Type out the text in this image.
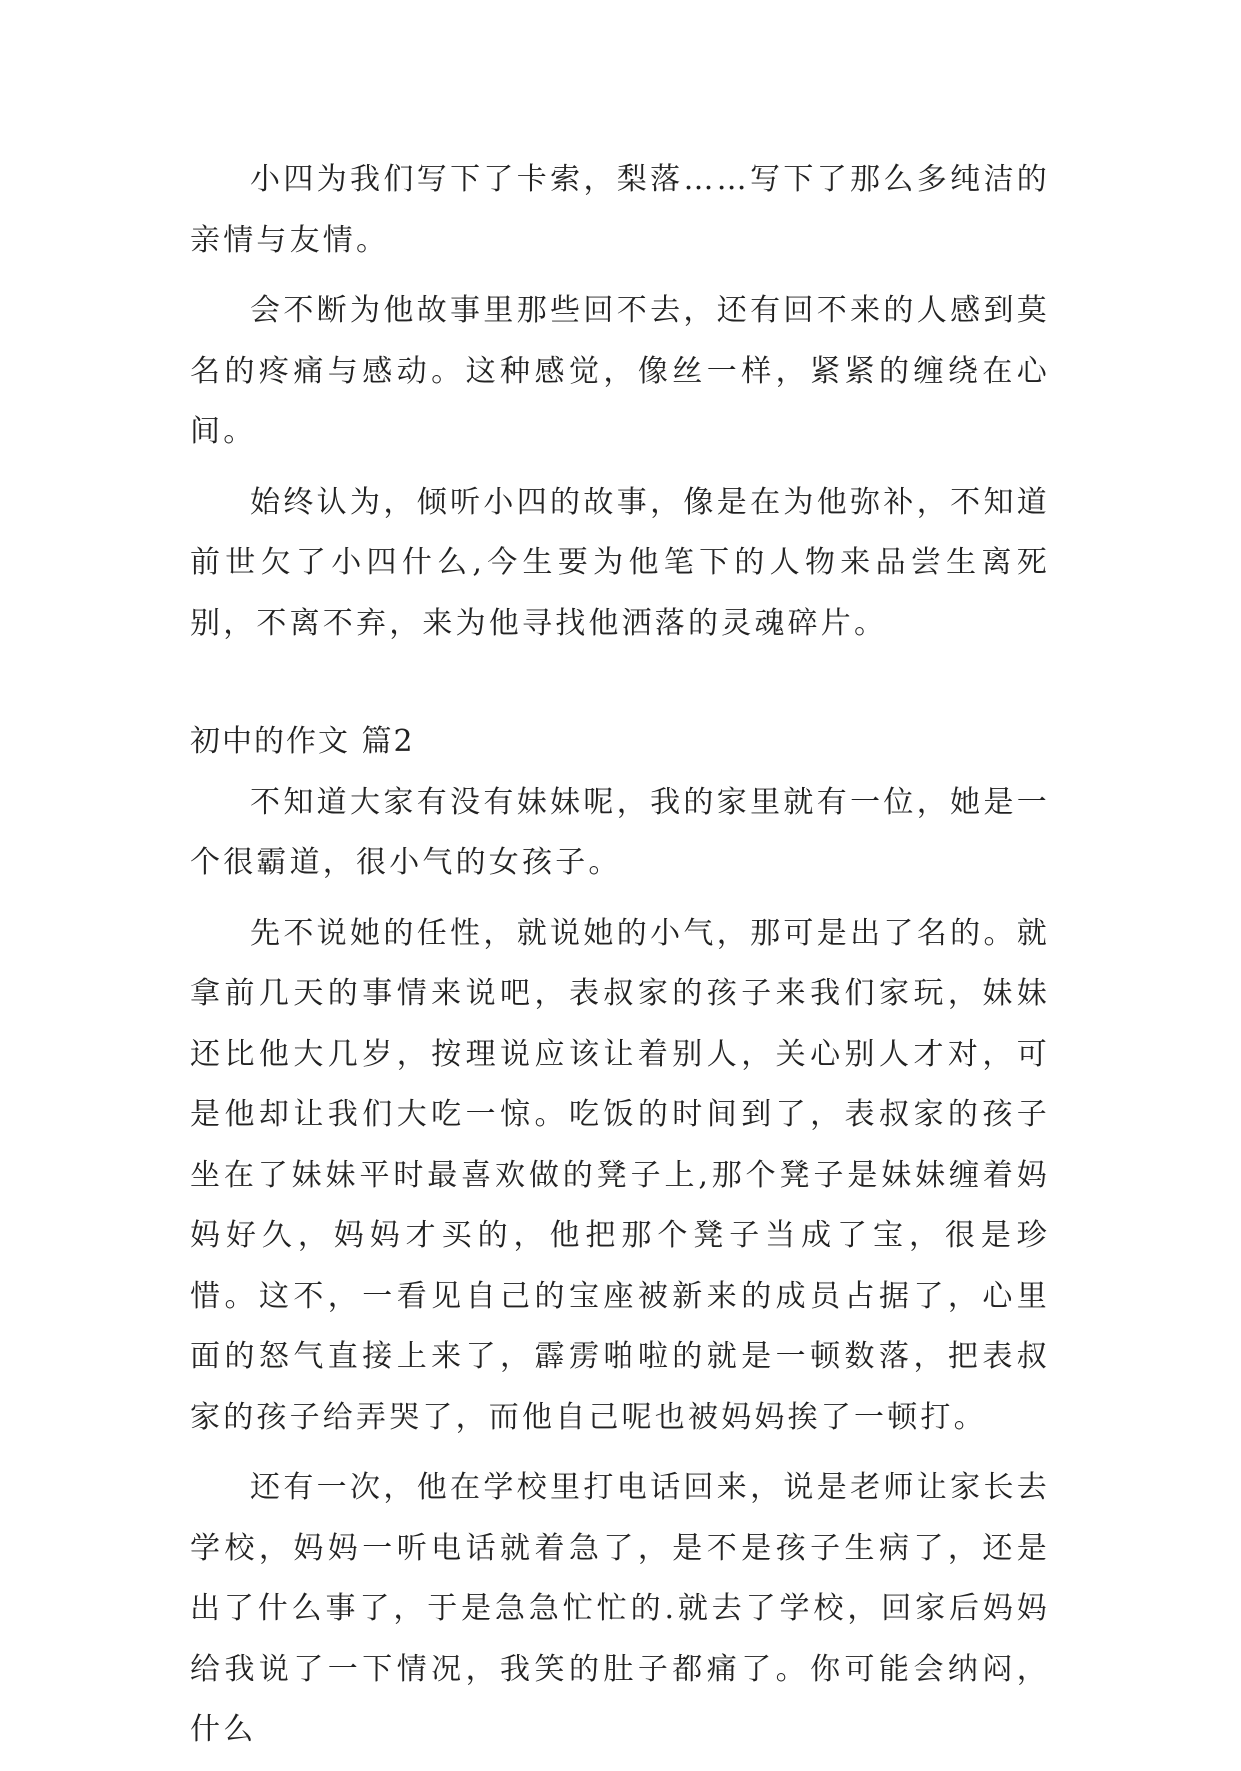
小四为我们写下了卡索，梨落……写下了那么多纯洁的亲情与友情。

会不断为他故事里那些回不去，还有回不来的人感到莫名的疼痛与感动。这种感觉，像丝一样，紧紧的缠绕在心间。

始终认为，倾听小四的故事，像是在为他弥补，不知道前世欠了小四什么,今生要为他笔下的人物来品尝生离死别，不离不弃，来为他寻找他洒落的灵魂碎片。

初中的作文 篇2

不知道大家有没有妹妹呢，我的家里就有一位，她是一个很霸道，很小气的女孩子。

先不说她的任性，就说她的小气，那可是出了名的。就拿前几天的事情来说吧，表叔家的孩子来我们家玩，妹妹还比他大几岁，按理说应该让着别人，关心别人才对，可是他却让我们大吃一惊。吃饭的时间到了，表叔家的孩子坐在了妹妹平时最喜欢做的凳子上,那个凳子是妹妹缠着妈妈好久，妈妈才买的，他把那个凳子当成了宝，很是珍惜。这不，一看见自己的宝座被新来的成员占据了，心里面的怒气直接上来了，霹雳啪啦的就是一顿数落，把表叔家的孩子给弄哭了，而他自己呢也被妈妈挨了一顿打。

还有一次，他在学校里打电话回来，说是老师让家长去学校，妈妈一听电话就着急了，是不是孩子生病了，还是出了什么事了，于是急急忙忙的.就去了学校，回家后妈妈给我说了一下情况，我笑的肚子都痛了。你可能会纳闷，什么
